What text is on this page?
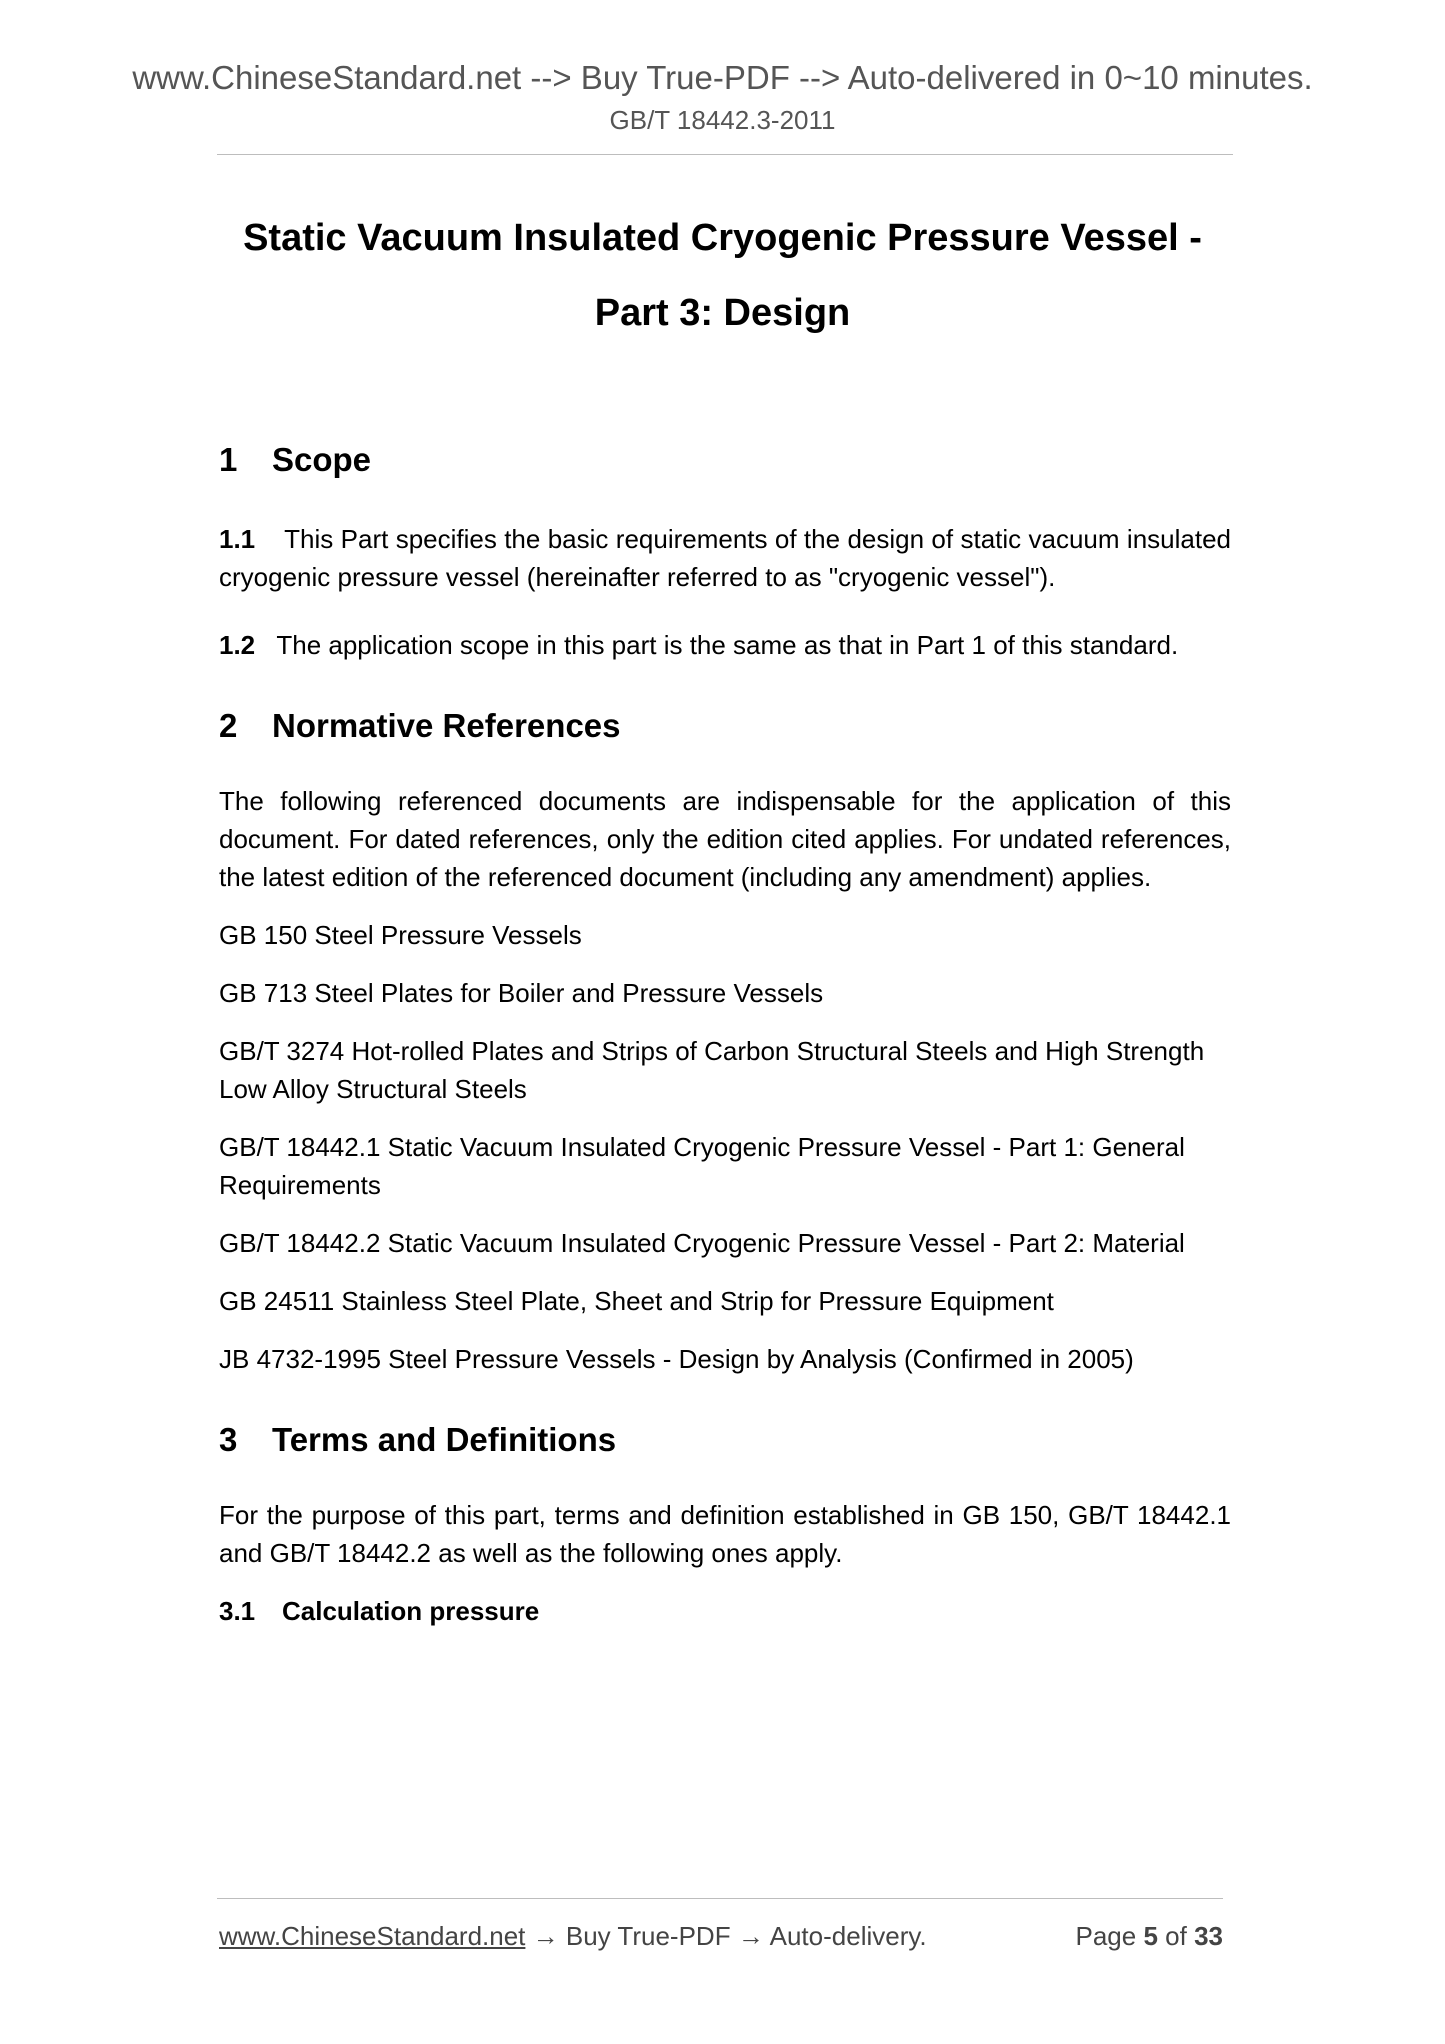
www.ChineseStandard.net --> Buy True-PDF --> Auto-delivered in 0~10 minutes.
GB/T 18442.3-2011
Static Vacuum Insulated Cryogenic Pressure Vessel -
Part 3: Design
1 Scope

1.1 This Part specifies the basic requirements of the design of static vacuum insulated cryogenic pressure vessel (hereinafter referred to as "cryogenic vessel").

1.2 The application scope in this part is the same as that in Part 1 of this standard.

2 Normative References

The following referenced documents are indispensable for the application of this document. For dated references, only the edition cited applies. For undated references, the latest edition of the referenced document (including any amendment) applies.

GB 150 Steel Pressure Vessels

GB 713 Steel Plates for Boiler and Pressure Vessels

GB/T 3274 Hot-rolled Plates and Strips of Carbon Structural Steels and High Strength Low Alloy Structural Steels

GB/T 18442.1 Static Vacuum Insulated Cryogenic Pressure Vessel - Part 1: General Requirements

GB/T 18442.2 Static Vacuum Insulated Cryogenic Pressure Vessel - Part 2: Material

GB 24511 Stainless Steel Plate, Sheet and Strip for Pressure Equipment

JB 4732-1995 Steel Pressure Vessels - Design by Analysis (Confirmed in 2005)

3 Terms and Definitions

For the purpose of this part, terms and definition established in GB 150, GB/T 18442.1 and GB/T 18442.2 as well as the following ones apply.

3.1 Calculation pressure

www.ChineseStandard.net → Buy True-PDF → Auto-delivery.	Page 5 of 33
